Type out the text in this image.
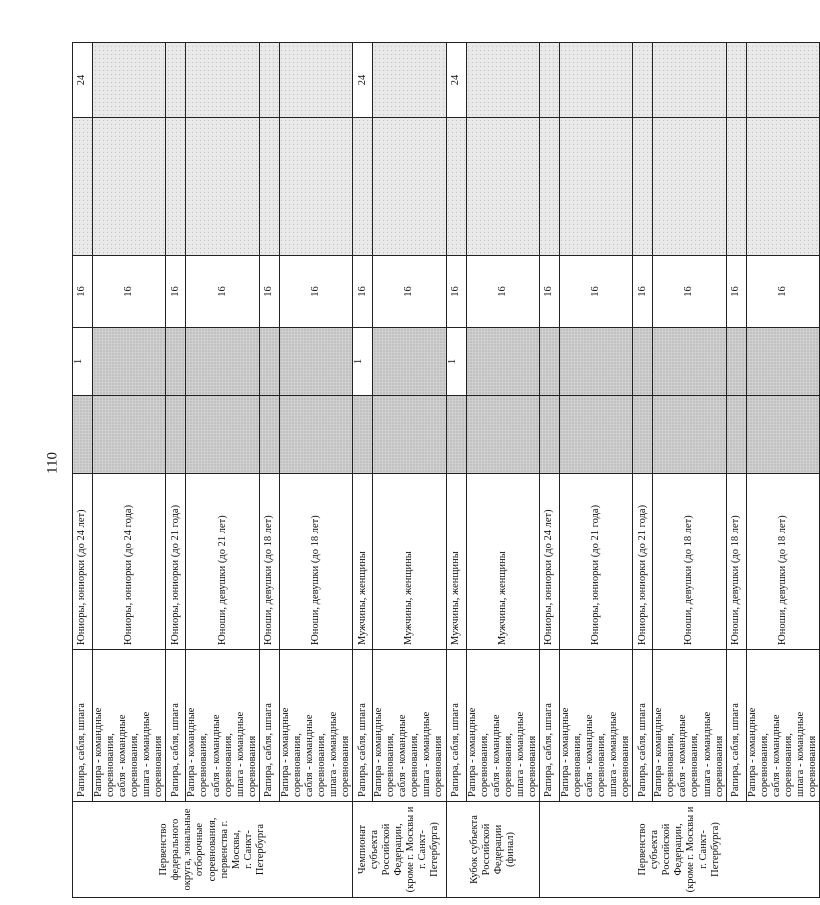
110
Первенство федерального округа, зональные отборочные соревнования, первенства г. Москвы, г. Санкт-Петербурга	Рапира, сабля, шпага	Юниоры, юниорки (до 24 лет)		1	16		24

	Рапира - командные соревнования, сабля - командные соревнования, шпага - командные соревнования	Юниоры, юниорки (до 24 года)			16		

	Рапира, сабля, шпага	Юниоры, юниорки (до 21 года)			16		

	Рапира - командные соревнования, сабля - командные соревнования, шпага - командные соревнования	Юноши, девушки (до 21 лет)			16		

	Рапира, сабля, шпага	Юноши, девушки (до 18 лет)			16		

	Рапира - командные соревнования, сабля - командные соревнования, шпага - командные соревнования	Юноши, девушки (до 18 лет)			16		

Чемпионат субъекта Российской Федерации, (кроме г. Москвы и г. Санкт-Петербурга)	Рапира, сабля, шпага	Мужчины, женщины		1	16		24

	Рапира - командные соревнования, сабля - командные соревнования, шпага - командные соревнования	Мужчины, женщины			16		

Кубок субъекта Российской Федерации (финал)	Рапира, сабля, шпага	Мужчины, женщины		1	16		24

	Рапира - командные соревнования, сабля - командные соревнования, шпага - командные соревнования	Мужчины, женщины			16		

Первенство субъекта Российской Федерации, (кроме г. Москвы и г. Санкт-Петербурга)	Рапира, сабля, шпага	Юниоры, юниорки (до 24 лет)			16		

	Рапира - командные соревнования, сабля - командные соревнования, шпага - командные соревнования	Юниоры, юниорки (до 21 года)			16		

	Рапира, сабля, шпага	Юниоры, юниорки (до 21 года)			16		

	Рапира - командные соревнования, сабля - командные соревнования, шпага - командные соревнования	Юноши, девушки (до 18 лет)			16		

	Рапира, сабля, шпага	Юноши, девушки (до 18 лет)			16		

	Рапира - командные соревнования, сабля - командные соревнования, шпага - командные соревнования	Юноши, девушки (до 18 лет)			16		
